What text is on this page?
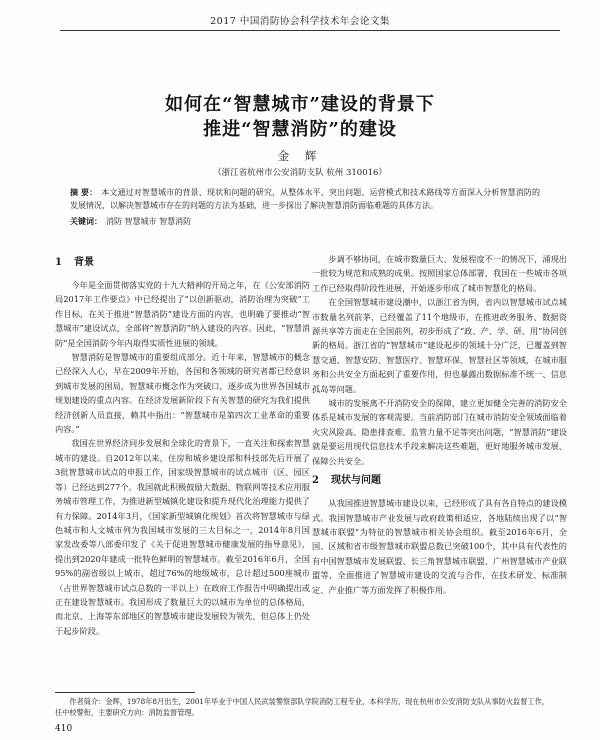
2017 中国消防协会科学技术年会论文集
如何在“智慧城市”建设的背景下
推进“智慧消防”的建设
金 辉
（浙江省杭州市公安消防支队 杭州 310016）
摘 要： 本文通过对智慧城市的背景、现状和问题的研究，从整体水平、突出问题、运营模式和技术路线等方面深入分析智慧消防的发展情况，以解决智慧城市存在的问题的方法为基础，进一步探出了解决智慧消防面临难题的具体方法。
关键词： 消防 智慧城市 智慧消防
1 背景

今年是全面贯彻落实党的十九大精神的开局之年，在《公安部消防局2017年工作要点》中已经提出了“以创新驱动，消防治理为突破”工作目标，在关于推进“智慧消防”建设方面的内容，也明确了要推动“智慧城市”建设试点，全部将“智慧消防”纳入建设的内容。因此，“智慧消防”是全国消防今年内取得实质性进展的领域。

智慧消防是智慧城市的重要组成部分。近十年来，智慧城市的概念已经深入人心，早在2009年开始，各国和各领域的研究者都已经意识到城市发展的困局，智慧城市概念作为突破口，逐步成为世界各国城市规划建设的重点内容。在经济发展新阶段下有关智慧的研究为我们提供经济创新人员直接，赖其中指出：“智慧城市是第四次工业革命的重要内容。”

我国在世界经济同步发展和全球化的背景下，一直关注和探索智慧城市的建设。自2012年以来，住房和城乡建设部和科技部先后开展了3批智慧城市试点的申报工作，国家级智慧城市的试点城市（区、园区等）已经达到277个。我国就此积极鼓励大数据、物联网等技术应用服务城市管理工作，为推进新型城镇化建设和提升现代化治理能力提供了有力保障。2014年3月，《国家新型城镇化规划》首次将智慧城市与绿色城市和人文城市列为我国城市发展的三大目标之一，2014年8月国家发改委等八部委印发了《关于促进智慧城市健康发展的指导意见》，提出到2020年建成一批特色鲜明的智慧城市。截至2016年6月，全国95%的副省级以上城市、超过76%的地级城市，总计超过500座城市（占世界智慧城市试点总数的一半以上）在政府工作报告中明确提出或正在建设智慧城市。我国形成了数量巨大的以城市为单位的总体格局，而北京、上海等东部地区的智慧城市建设发展较为领先，但总体上仍处于起步阶段。

步调不够协同，在城市数量巨大、发展程度不一的情况下，涌现出一批较为规范和成熟的成果。按照国家总体部署，我国在一些城市各项工作已经取得阶段性进展，开始逐步形成了城市智慧化的格局。

在全国智慧城市建设潮中，以浙江省为例，省内以智慧城市试点城市数量名列前茅，已经覆盖了11个地级市，在推进政务服务、数据资源共享等方面走在全国前列，初步形成了“政、产、学、研、用”协同创新的格局。浙江省的“智慧城市”建设起步的领域十分广泛，已覆盖到智慧交通、智慧安防、智慧医疗、智慧环保、智慧社区等领域，在城市服务和公共安全方面起到了重要作用，但也暴露出数据标准不统一、信息孤岛等问题。

城市的发展离不开消防安全的保障，建立更加健全完善的消防安全体系是城市发展的客观需要。当前消防部门在城市消防安全领域面临着火灾风险高、隐患排查难、监管力量不足等突出问题，“智慧消防”建设就是要运用现代信息技术手段来解决这些难题，更好地服务城市发展、保障公共安全。

2 现状与问题

从我国推进智慧城市建设以来，已经形成了具有各自特点的建设模式。我国智慧城市产业发展与政府政策相适应，各地陆续出现了以“智慧城市联盟”为特征的智慧城市相关协会组织。截至2016年6月，全国、区域和省市级智慧城市联盟总数已突破100个，其中具有代表性的有中国智慧城市发展联盟、长三角智慧城市联盟、广州智慧城市产业联盟等，全面推进了智慧城市建设的交流与合作，在技术研发、标准制定、产业推广等方面发挥了积极作用。

作者简介：金辉，1978年8月出生，2001年毕业于中国人民武装警察部队学院消防工程专业，本科学历，现在杭州市公安消防支队从事防火监督工作，任中校警衔，主要研究方向：消防监督管理。
410
